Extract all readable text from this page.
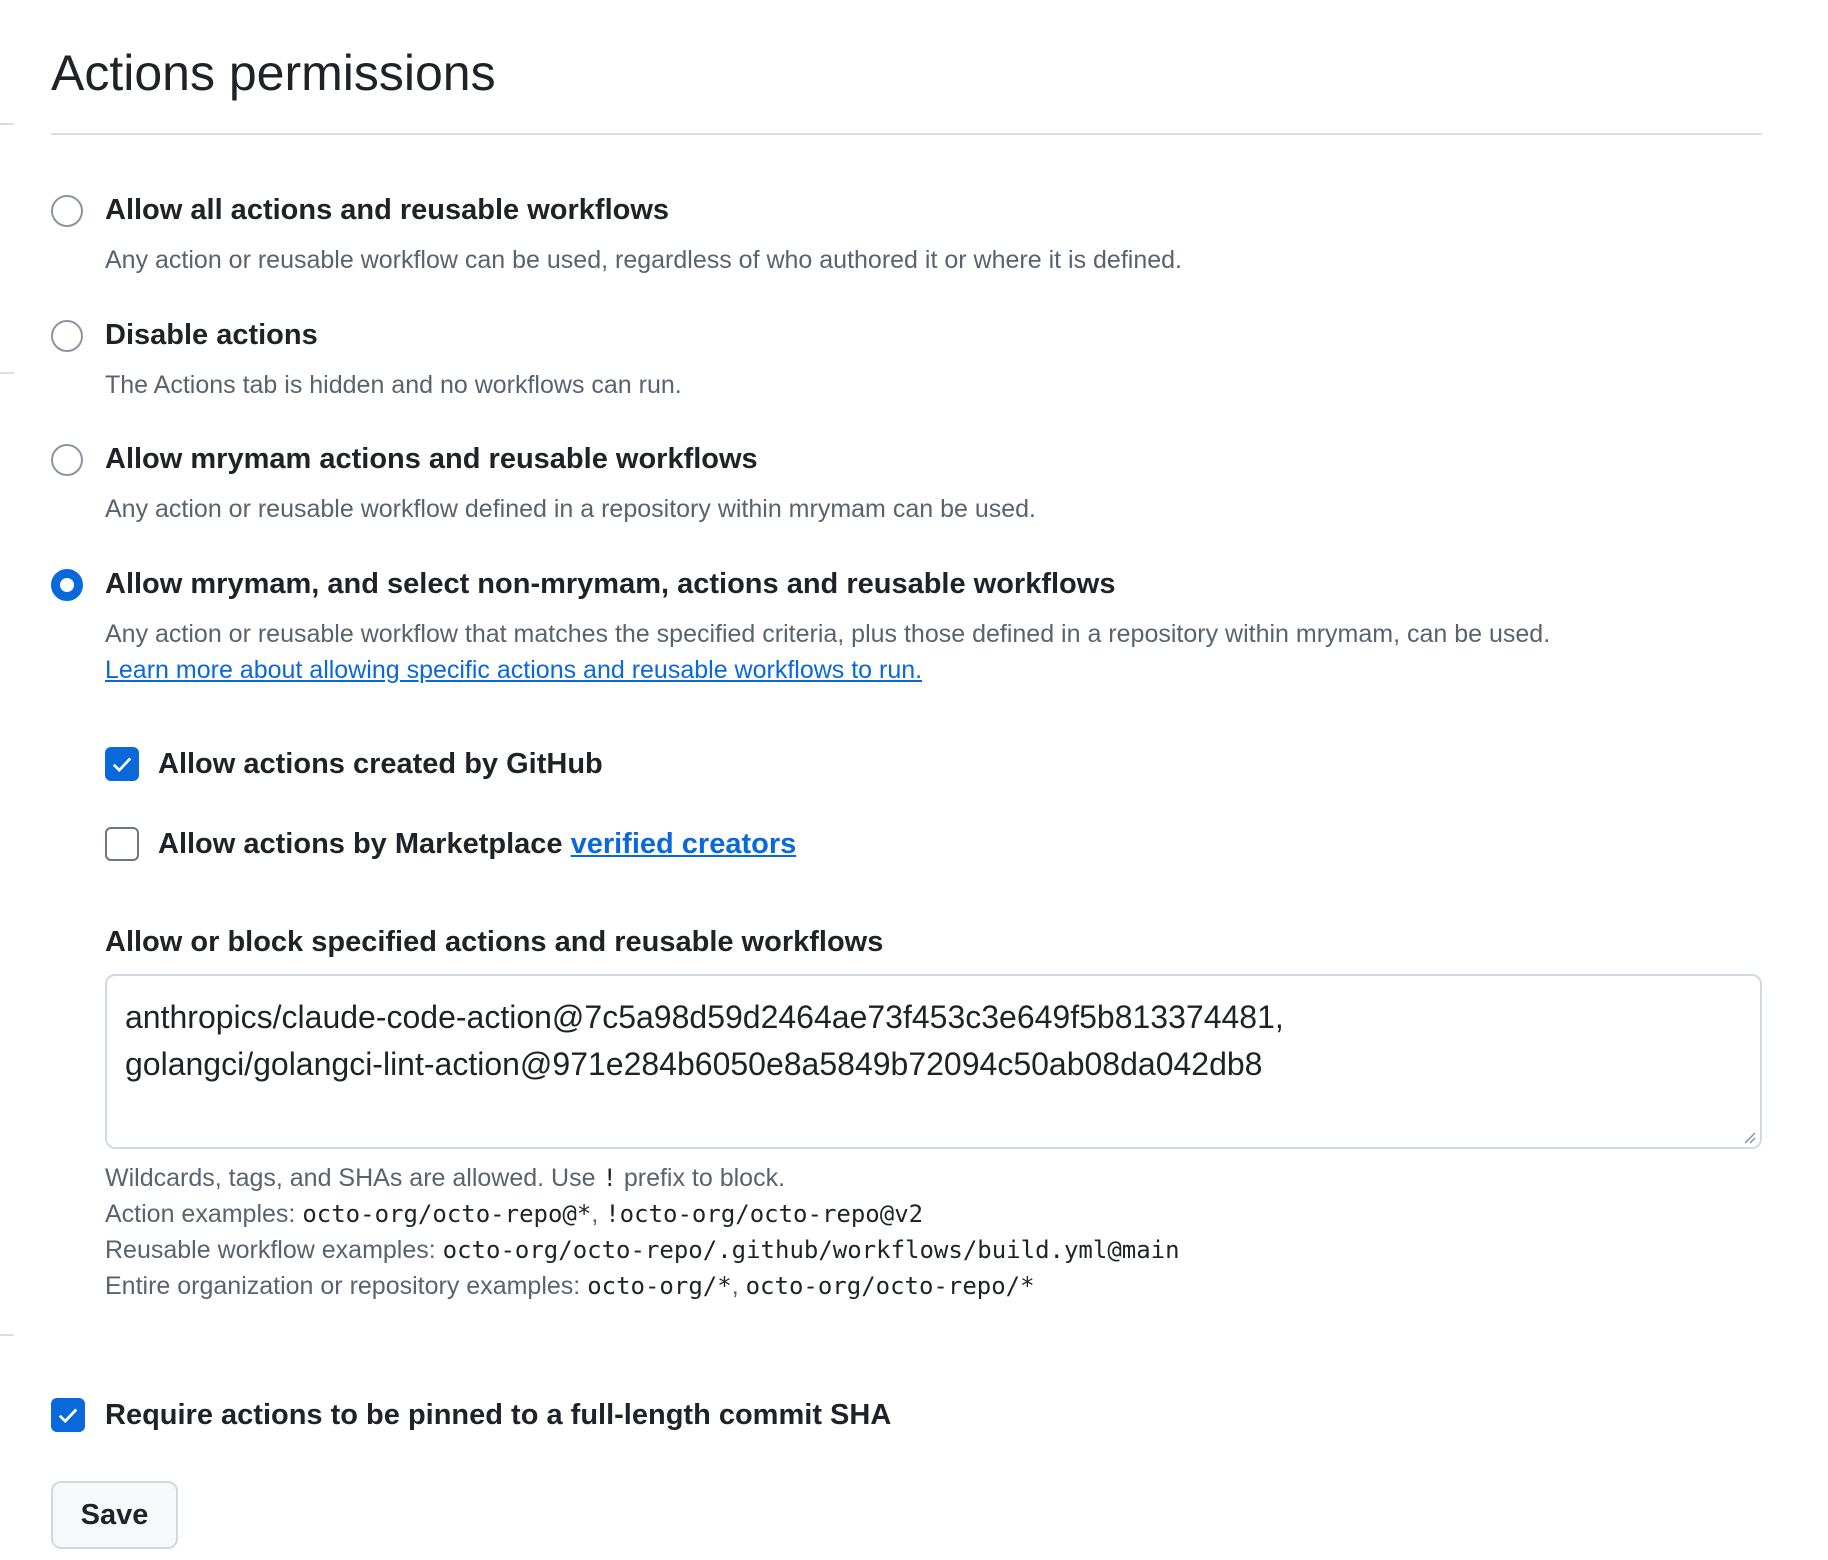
Actions permissions
Allow all actions and reusable workflows
Any action or reusable workflow can be used, regardless of who authored it or where it is defined.
Disable actions
The Actions tab is hidden and no workflows can run.
Allow mrymam actions and reusable workflows
Any action or reusable workflow defined in a repository within mrymam can be used.
Allow mrymam, and select non-mrymam, actions and reusable workflows
Any action or reusable workflow that matches the specified criteria, plus those defined in a repository within mrymam, can be used.
Learn more about allowing specific actions and reusable workflows to run.
Allow actions created by GitHub
Allow actions by Marketplace verified creators
Allow or block specified actions and reusable workflows
anthropics/claude-code-action@7c5a98d59d2464ae73f453c3e649f5b813374481,
golangci/golangci-lint-action@971e284b6050e8a5849b72094c50ab08da042db8
Wildcards, tags, and SHAs are allowed. Use ! prefix to block.
Action examples: octo-org/octo-repo@*, !octo-org/octo-repo@v2
Reusable workflow examples: octo-org/octo-repo/.github/workflows/build.yml@main
Entire organization or repository examples: octo-org/*, octo-org/octo-repo/*
Require actions to be pinned to a full-length commit SHA
Save
